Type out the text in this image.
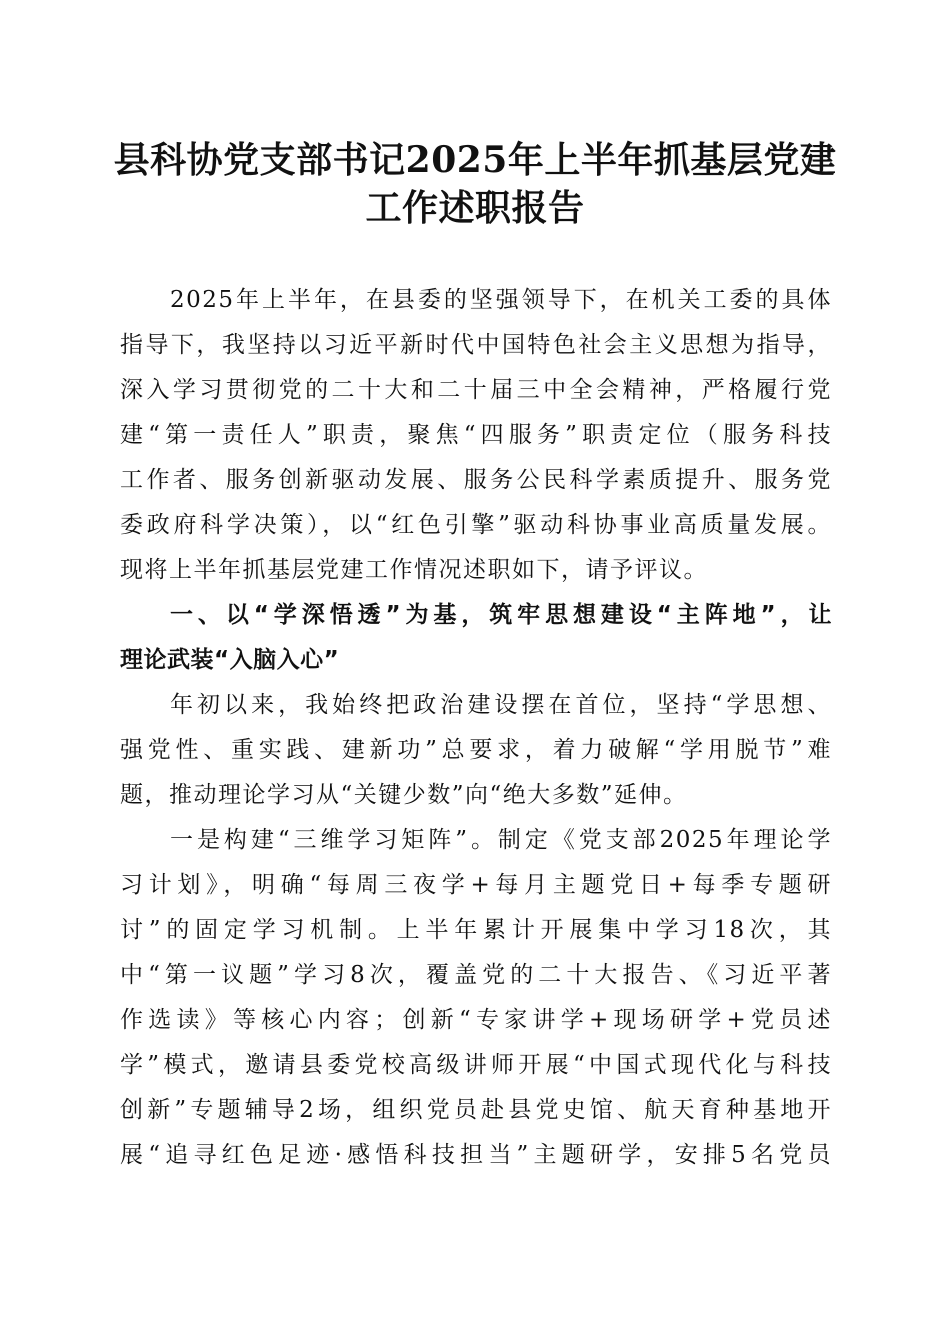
县科协党支部书记2025年上半年抓基层党建
工作述职报告
2025年上半年，在县委的坚强领导下，在机关工委的具体
指导下，我坚持以习近平新时代中国特色社会主义思想为指导，
深入学习贯彻党的二十大和二十届三中全会精神，严格履行党
建“第一责任人”职责，聚焦“四服务”职责定位（服务科技
工作者、服务创新驱动发展、服务公民科学素质提升、服务党
委政府科学决策），以“红色引擎”驱动科协事业高质量发展。
现将上半年抓基层党建工作情况述职如下，请予评议。
一、以“学深悟透”为基，筑牢思想建设“主阵地”，让
理论武装“入脑入心”
年初以来，我始终把政治建设摆在首位，坚持“学思想、
强党性、重实践、建新功”总要求，着力破解“学用脱节”难
题，推动理论学习从“关键少数”向“绝大多数”延伸。
一是构建“三维学习矩阵”。制定《党支部2025年理论学
习计划》，明确“每周三夜学+每月主题党日+每季专题研
讨”的固定学习机制。上半年累计开展集中学习18次，其
中“第一议题”学习8次，覆盖党的二十大报告、《习近平著
作选读》等核心内容；创新“专家讲学+现场研学+党员述
学”模式，邀请县委党校高级讲师开展“中国式现代化与科技
创新”专题辅导2场，组织党员赴县党史馆、航天育种基地开
展“追寻红色足迹·感悟科技担当”主题研学，安排5名党员
